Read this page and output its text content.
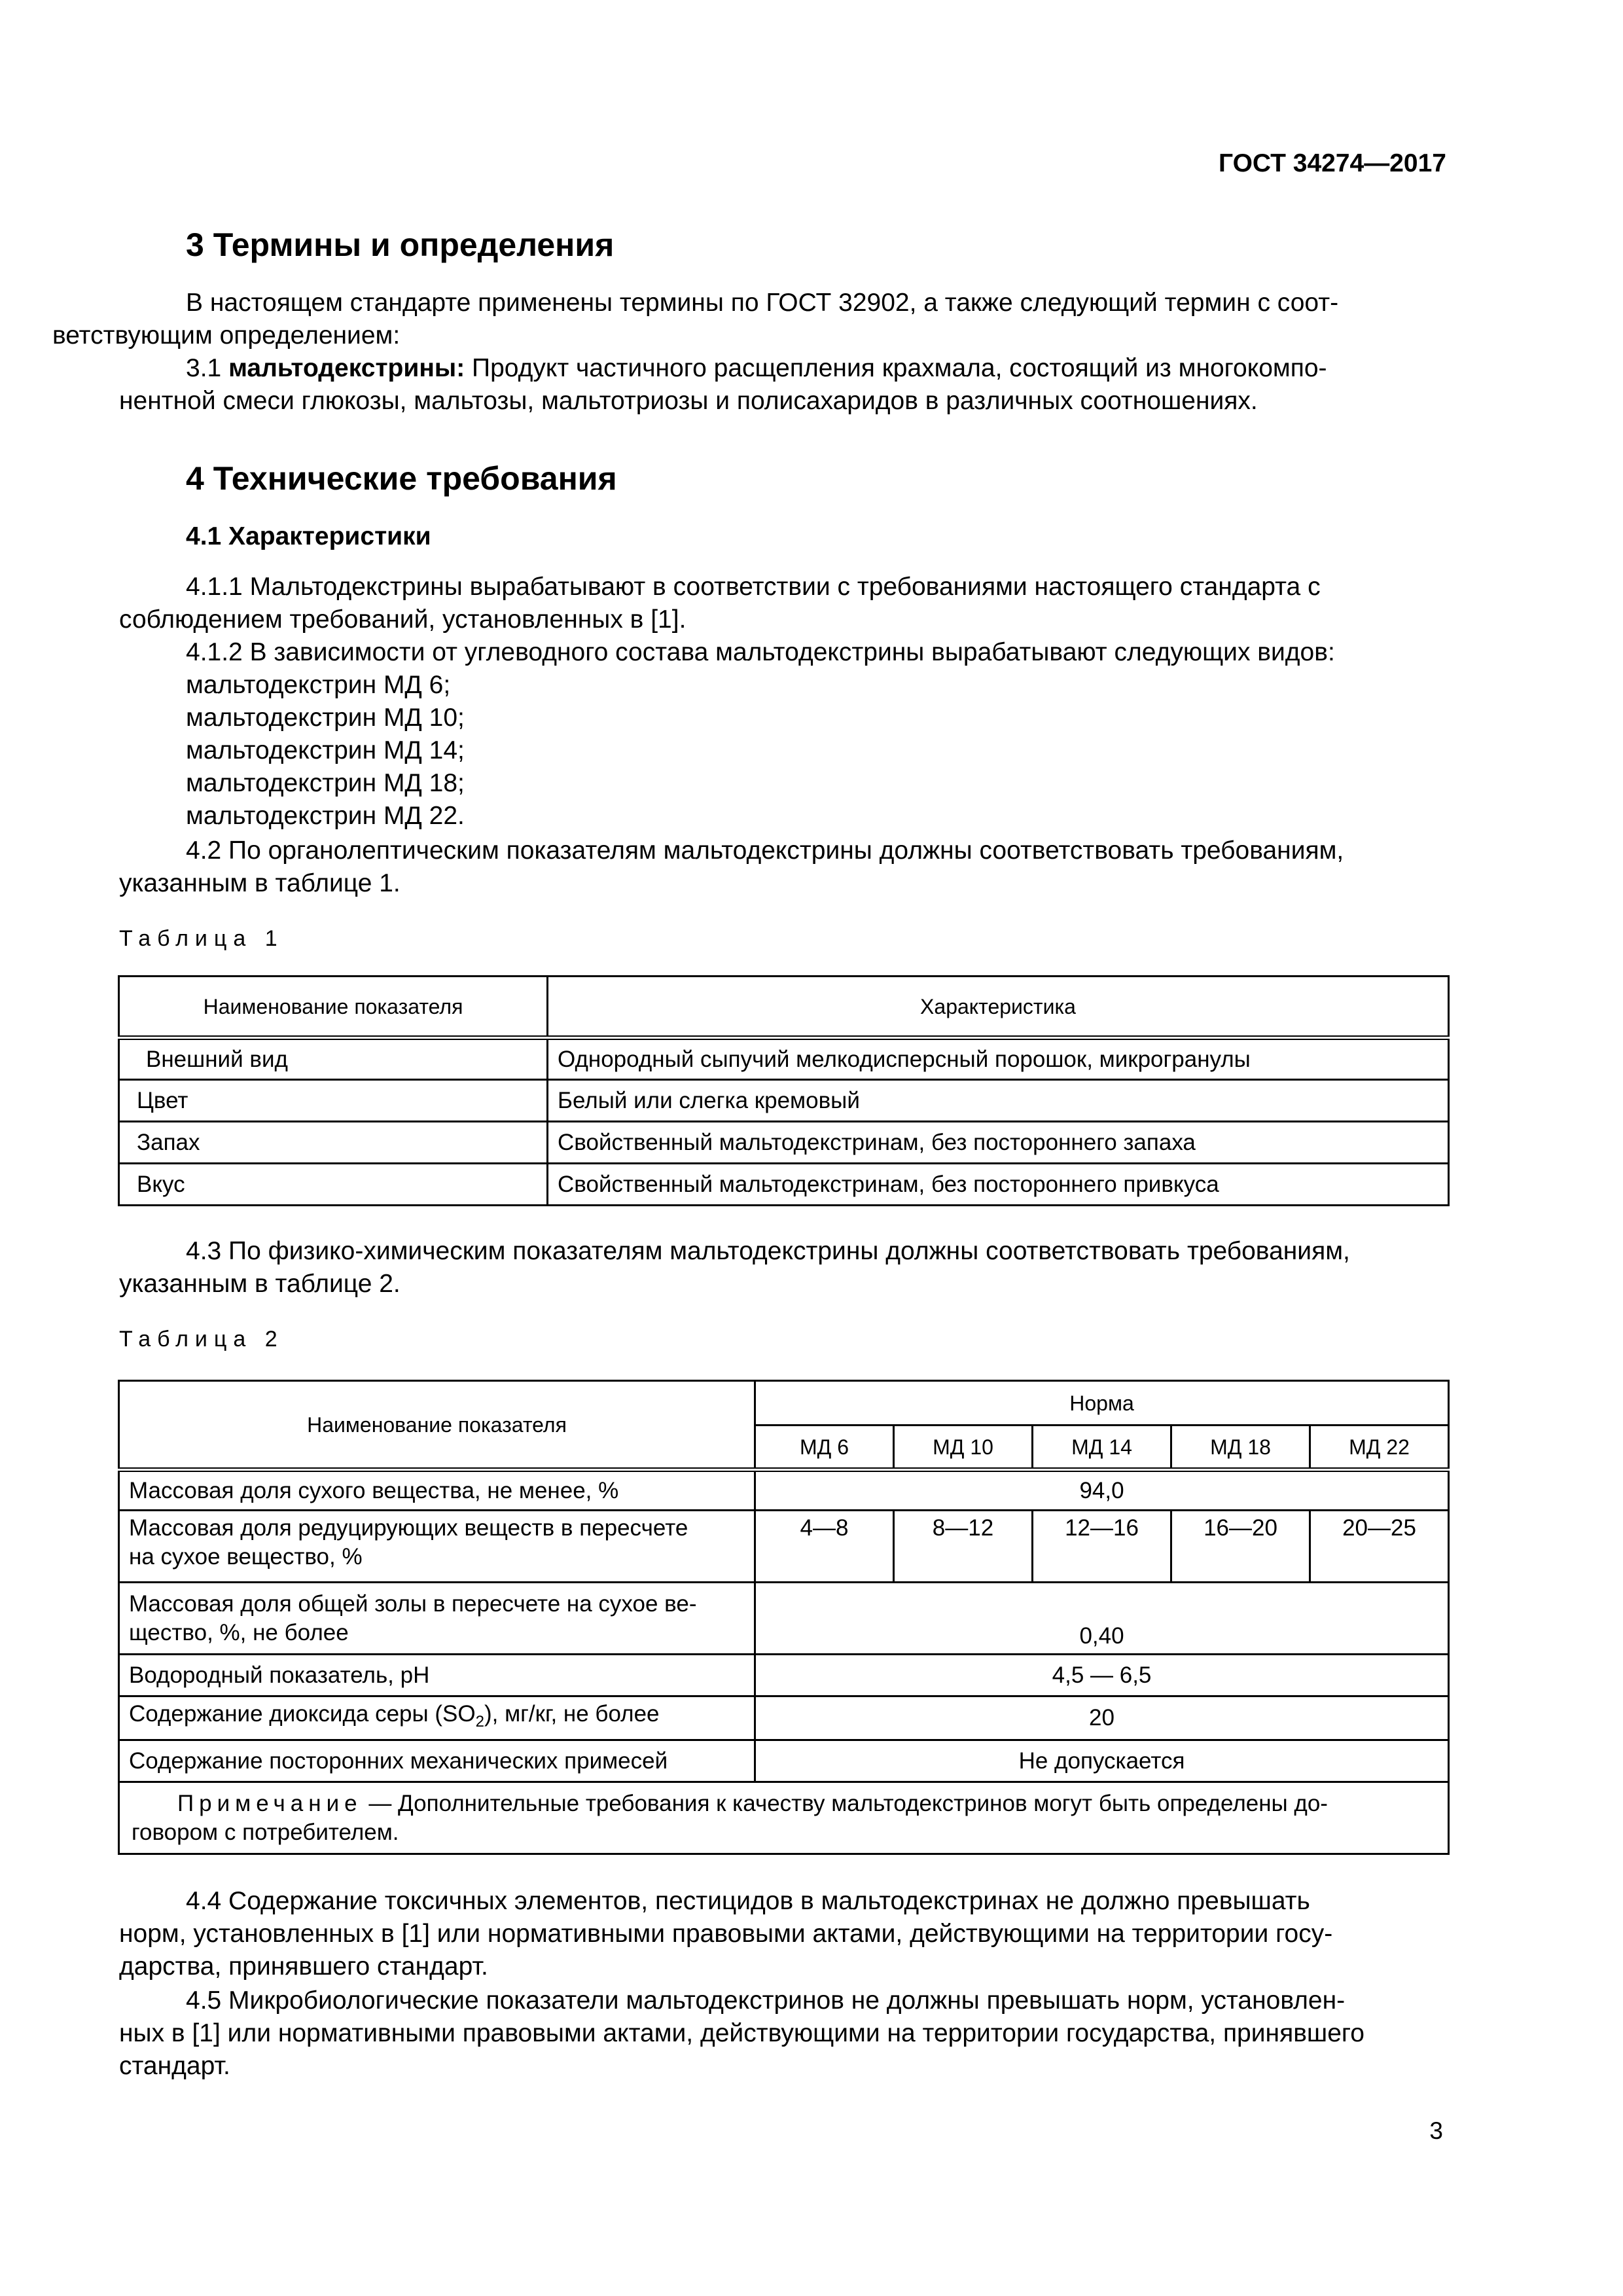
ГОСТ 34274—2017
3 Термины и определения
В настоящем стандарте применены термины по ГОСТ 32902, а также следующий термин с соот-
ветствующим определением:
3.1 мальтодекстрины: Продукт частичного расщепления крахмала, состоящий из многокомпо-
нентной смеси глюкозы, мальтозы, мальтотриозы и полисахаридов в различных соотношениях.
4 Технические требования
4.1 Характеристики
4.1.1 Мальтодекстрины вырабатывают в соответствии с требованиями настоящего стандарта с
соблюдением требований, установленных в [1].
4.1.2 В зависимости от углеводного состава мальтодекстрины вырабатывают следующих видов:
мальтодекстрин МД 6;
мальтодекстрин МД 10;
мальтодекстрин МД 14;
мальтодекстрин МД 18;
мальтодекстрин МД 22.
4.2 По органолептическим показателям мальтодекстрины должны соответствовать требованиям,
указанным в таблице 1.
Таблица 1
Наименование показателя	Характеристика
Внешний вид	Однородный сыпучий мелкодисперсный порошок, микрогранулы
Цвет	Белый или слегка кремовый
Запах	Свойственный мальтодекстринам, без постороннего запаха
Вкус	Свойственный мальтодекстринам, без постороннего привкуса
4.3 По физико-химическим показателям мальтодекстрины должны соответствовать требованиям,
указанным в таблице 2.
Таблица 2
Наименование показателя	Норма				
	МД 6	МД 10	МД 14	МД 18	МД 22
Массовая доля сухого вещества, не менее, %	94,0				
Массовая доля редуцирующих веществ в пересчете
на сухое вещество, %	4—8	8—12	12—16	16—20	20—25
Массовая доля общей золы в пересчете на сухое ве-
щество, %, не более	0,40				
Водородный показатель, pH	4,5 — 6,5				
Содержание диоксида серы $(SO_2)$, мг/кг, не более	20				
Содержание посторонних механических примесей	Не допускается				
Примечание — Дополнительные требования к качеству мальтодекстринов могут быть определены до-
говором с потребителем.					
4.4 Содержание токсичных элементов, пестицидов в мальтодекстринах не должно превышать
норм, установленных в [1] или нормативными правовыми актами, действующими на территории госу-
дарства, принявшего стандарт.
4.5 Микробиологические показатели мальтодекстринов не должны превышать норм, установлен-
ных в [1] или нормативными правовыми актами, действующими на территории государства, принявшего
стандарт.
3
